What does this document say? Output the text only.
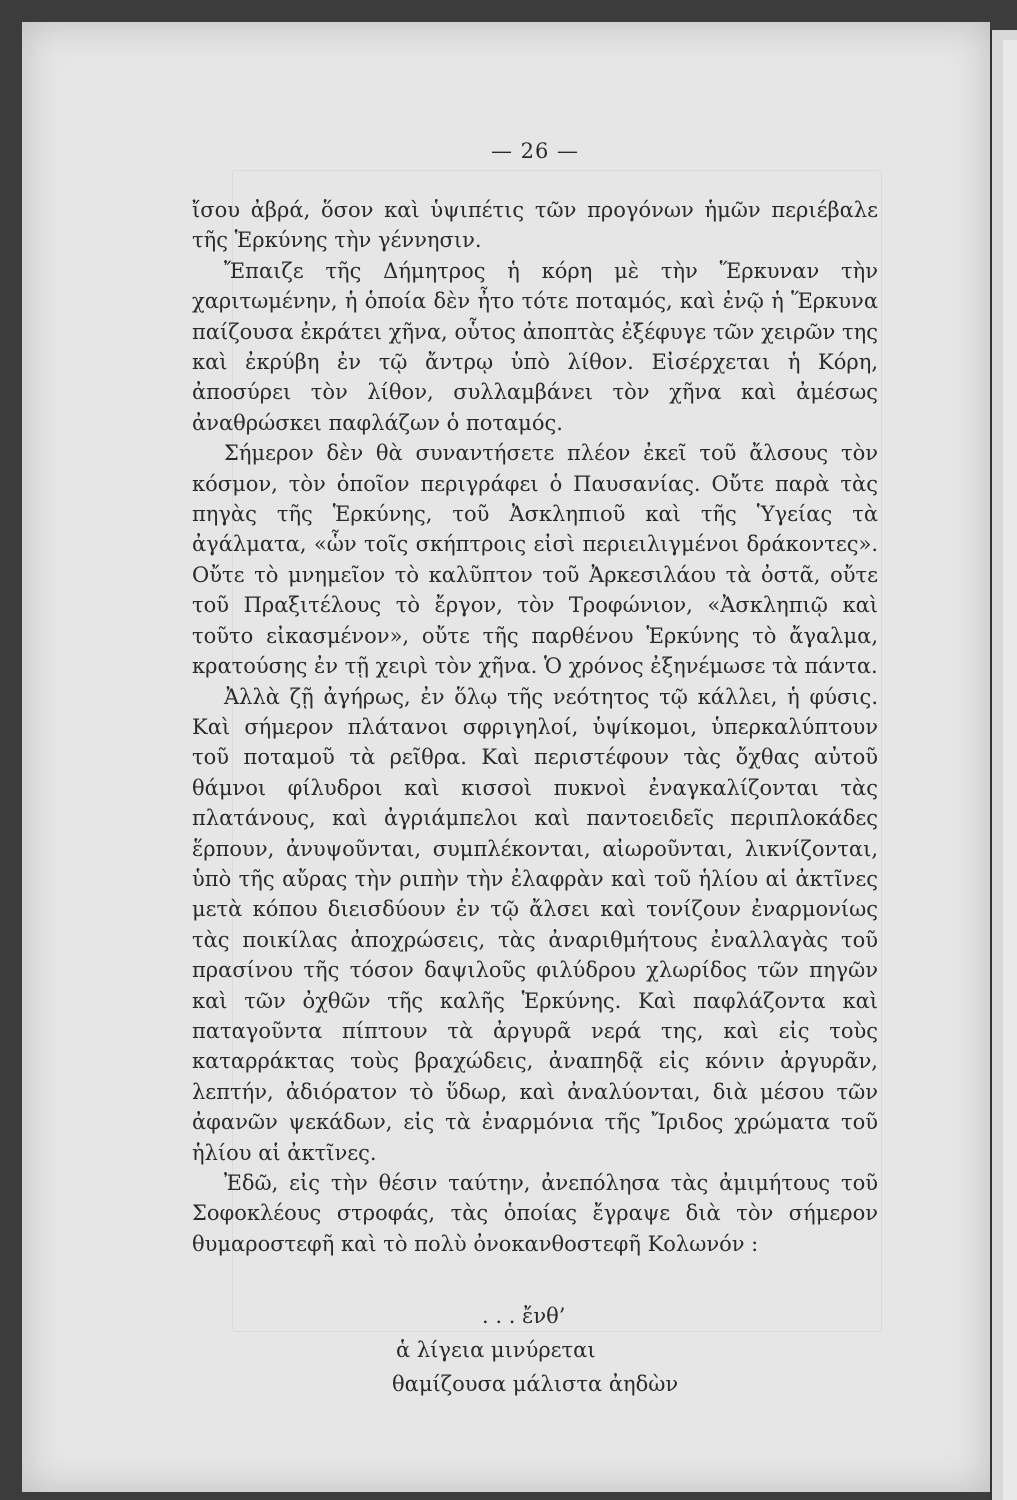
— 26 —

ἴσου ἀβρά, ὅσον καὶ ὑψιπέτις τῶν προγόνων ἡμῶν περιέβαλε τῆς Ἑρκύνης τὴν γέννησιν.

Ἔπαιζε τῆς Δήμητρος ἡ κόρη μὲ τὴν Ἕρκυναν τὴν χαριτωμένην, ἡ ὁποία δὲν ἦτο τότε ποταμός, καὶ ἐνῷ ἡ Ἕρκυνα παίζουσα ἐκράτει χῆνα, οὗτος ἀποπτὰς ἐξέφυγε τῶν χειρῶν της καὶ ἐκρύβη ἐν τῷ ἄντρῳ ὑπὸ λίθον. Εἰσέρχεται ἡ Κόρη, ἀποσύρει τὸν λίθον, συλλαμβάνει τὸν χῆνα καὶ ἀμέσως ἀναθρώσκει παφλάζων ὁ ποταμός.

Σήμερον δὲν θὰ συναντήσετε πλέον ἐκεῖ τοῦ ἄλσους τὸν κόσμον, τὸν ὁποῖον περιγράφει ὁ Παυσανίας. Οὔτε παρὰ τὰς πηγὰς τῆς Ἑρκύνης, τοῦ Ἀσκληπιοῦ καὶ τῆς Ὑγείας τὰ ἀγάλματα, «ὧν τοῖς σκήπτροις εἰσὶ περιειλιγμένοι δράκοντες». Οὔτε τὸ μνημεῖον τὸ καλῦπτον τοῦ Ἀρκεσιλάου τὰ ὀστᾶ, οὔτε τοῦ Πραξιτέλους τὸ ἔργον, τὸν Τροφώνιον, «Ἀσκληπιῷ καὶ τοῦτο εἰκασμένον», οὔτε τῆς παρθένου Ἑρκύνης τὸ ἄγαλμα, κρατούσης ἐν τῇ χειρὶ τὸν χῆνα. Ὁ χρόνος ἐξηνέμωσε τὰ πάντα.

Ἀλλὰ ζῇ ἀγήρως, ἐν ὅλῳ τῆς νεότητος τῷ κάλλει, ἡ φύσις. Καὶ σήμερον πλάτανοι σφριγηλοί, ὑψίκομοι, ὑπερκαλύπτουν τοῦ ποταμοῦ τὰ ρεῖθρα. Καὶ περιστέφουν τὰς ὄχθας αὐτοῦ θάμνοι φίλυδροι καὶ κισσοὶ πυκνοὶ ἐναγκαλίζονται τὰς πλατάνους, καὶ ἀγριάμπελοι καὶ παντοειδεῖς περιπλοκάδες ἕρπουν, ἀνυψοῦνται, συμπλέκονται, αἰωροῦνται, λικνίζονται, ὑπὸ τῆς αὔρας τὴν ριπὴν τὴν ἐλαφρὰν καὶ τοῦ ἡλίου αἱ ἀκτῖνες μετὰ κόπου διεισδύουν ἐν τῷ ἄλσει καὶ τονίζουν ἐναρμονίως τὰς ποικίλας ἀποχρώσεις, τὰς ἀναριθμήτους ἐναλλαγὰς τοῦ πρασίνου τῆς τόσον δαψιλοῦς φιλύδρου χλωρίδος τῶν πηγῶν καὶ τῶν ὀχθῶν τῆς καλῆς Ἑρκύνης. Καὶ παφλάζοντα καὶ παταγοῦντα πίπτουν τὰ ἀργυρᾶ νερά της, καὶ εἰς τοὺς καταρράκτας τοὺς βραχώδεις, ἀναπηδᾷ εἰς κόνιν ἀργυρᾶν, λεπτήν, ἀδιόρατον τὸ ὕδωρ, καὶ ἀναλύονται, διὰ μέσου τῶν ἀφανῶν ψεκάδων, εἰς τὰ ἐναρμόνια τῆς Ἴριδος χρώματα τοῦ ἡλίου αἱ ἀκτῖνες.

Ἐδῶ, εἰς τὴν θέσιν ταύτην, ἀνεπόλησα τὰς ἀμιμήτους τοῦ Σοφοκλέους στροφάς, τὰς ὁποίας ἔγραψε διὰ τὸν σήμερον θυμαροστεφῆ καὶ τὸ πολὺ ὀνοκανθοστεφῆ Κολωνόν :

. . . ἔνθ’
ἁ λίγεια μινύρεται
θαμίζουσα μάλιστα ἀηδὼν
